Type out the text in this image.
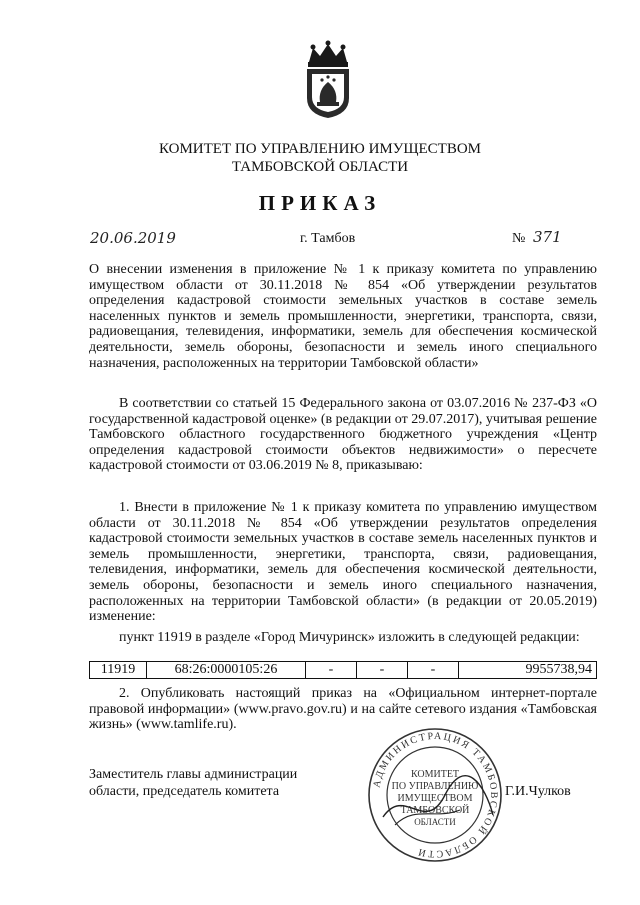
КОМИТЕТ ПО УПРАВЛЕНИЮ ИМУЩЕСТВОМ
ТАМБОВСКОЙ ОБЛАСТИ
ПРИКАЗ
20.06.2019	г. Тамбов	№ 371
О внесении изменения в приложение № 1 к приказу комитета по управлению имуществом области от 30.11.2018 № 854 «Об утверждении результатов определения кадастровой стоимости земельных участков в составе земель населенных пунктов и земель промышленности, энергетики, транспорта, связи, радиовещания, телевидения, информатики, земель для обеспечения космической деятельности, земель обороны, безопасности и земель иного специального назначения, расположенных на территории Тамбовской области»
В соответствии со статьей 15 Федерального закона от 03.07.2016 № 237-ФЗ «О государственной кадастровой оценке» (в редакции от 29.07.2017), учитывая решение Тамбовского областного государственного бюджетного учреждения «Центр определения кадастровой стоимости объектов недвижимости» о пересчете кадастровой стоимости от 03.06.2019 № 8, приказываю:
1. Внести в приложение № 1 к приказу комитета по управлению имуществом области от 30.11.2018 № 854 «Об утверждении результатов определения кадастровой стоимости земельных участков в составе земель населенных пунктов и земель промышленности, энергетики, транспорта, связи, радиовещания, телевидения, информатики, земель для обеспечения космической деятельности, земель обороны, безопасности и земель иного специального назначения, расположенных на территории Тамбовской области» (в редакции от 20.05.2019) изменение:
пункт 11919 в разделе «Город Мичуринск» изложить в следующей редакции:
11919	68:26:0000105:26	-	-	-	9955738,94
2. Опубликовать настоящий приказ на «Официальном интернет-портале правовой информации» (www.pravo.gov.ru) и на сайте сетевого издания «Тамбовская жизнь» (www.tamlife.ru).
Заместитель главы администрации
области, председатель комитета	Г.И.Чулков
АДМИНИСТРАЦИЯ ТАМБОВСКОЙ ОБЛАСТИ
КОМИТЕТ
ПО УПРАВЛЕНИЮ
ИМУЩЕСТВОМ
ТАМБОВСКОЙ
ОБЛАСТИ
